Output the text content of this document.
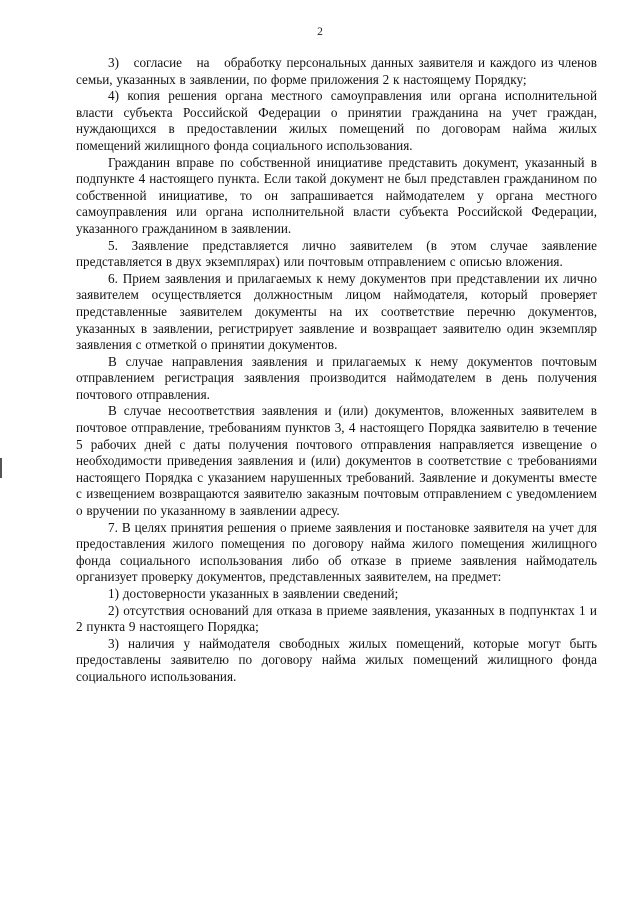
2

3)   согласие   на   обработку персональных данных заявителя и каждого из членов семьи, указанных в заявлении, по форме приложения 2 к настоящему Порядку;

4) копия решения органа местного самоуправления или органа исполнительной власти субъекта Российской Федерации о принятии гражданина на учет граждан, нуждающихся в предоставлении жилых помещений по договорам найма жилых помещений жилищного фонда социального использования.

Гражданин вправе по собственной инициативе представить документ, указанный в подпункте 4 настоящего пункта. Если такой документ не был представлен гражданином по собственной инициативе, то он запрашивается наймодателем у органа местного самоуправления или органа исполнительной власти субъекта Российской Федерации, указанного гражданином в заявлении.

5. Заявление представляется лично заявителем (в этом случае заявление представляется в двух экземплярах) или почтовым отправлением с описью вложения.

6. Прием заявления и прилагаемых к нему документов при представлении их лично заявителем осуществляется должностным лицом наймодателя, который проверяет представленные заявителем документы на их соответствие перечню документов, указанных в заявлении, регистрирует заявление и возвращает заявителю один экземпляр заявления с отметкой о принятии документов.

В случае направления заявления и прилагаемых к нему документов почтовым отправлением регистрация заявления производится наймодателем в день получения почтового отправления.

В случае несоответствия заявления и (или) документов, вложенных заявителем в почтовое отправление, требованиям пунктов 3, 4 настоящего Порядка заявителю в течение 5 рабочих дней с даты получения почтового отправления направляется извещение о необходимости приведения заявления и (или) документов в соответствие с требованиями настоящего Порядка с указанием нарушенных требований. Заявление и документы вместе с извещением возвращаются заявителю заказным почтовым отправлением с уведомлением о вручении по указанному в заявлении адресу.

7. В целях принятия решения о приеме заявления и постановке заявителя на учет для предоставления жилого помещения по договору найма жилого помещения жилищного фонда социального использования либо об отказе в приеме заявления наймодатель организует проверку документов, представленных заявителем, на предмет:

1) достоверности указанных в заявлении сведений;

2) отсутствия оснований для отказа в приеме заявления, указанных в подпунктах 1 и 2 пункта 9 настоящего Порядка;

3) наличия у наймодателя свободных жилых помещений, которые могут быть предоставлены заявителю по договору найма жилых помещений жилищного фонда социального использования.
